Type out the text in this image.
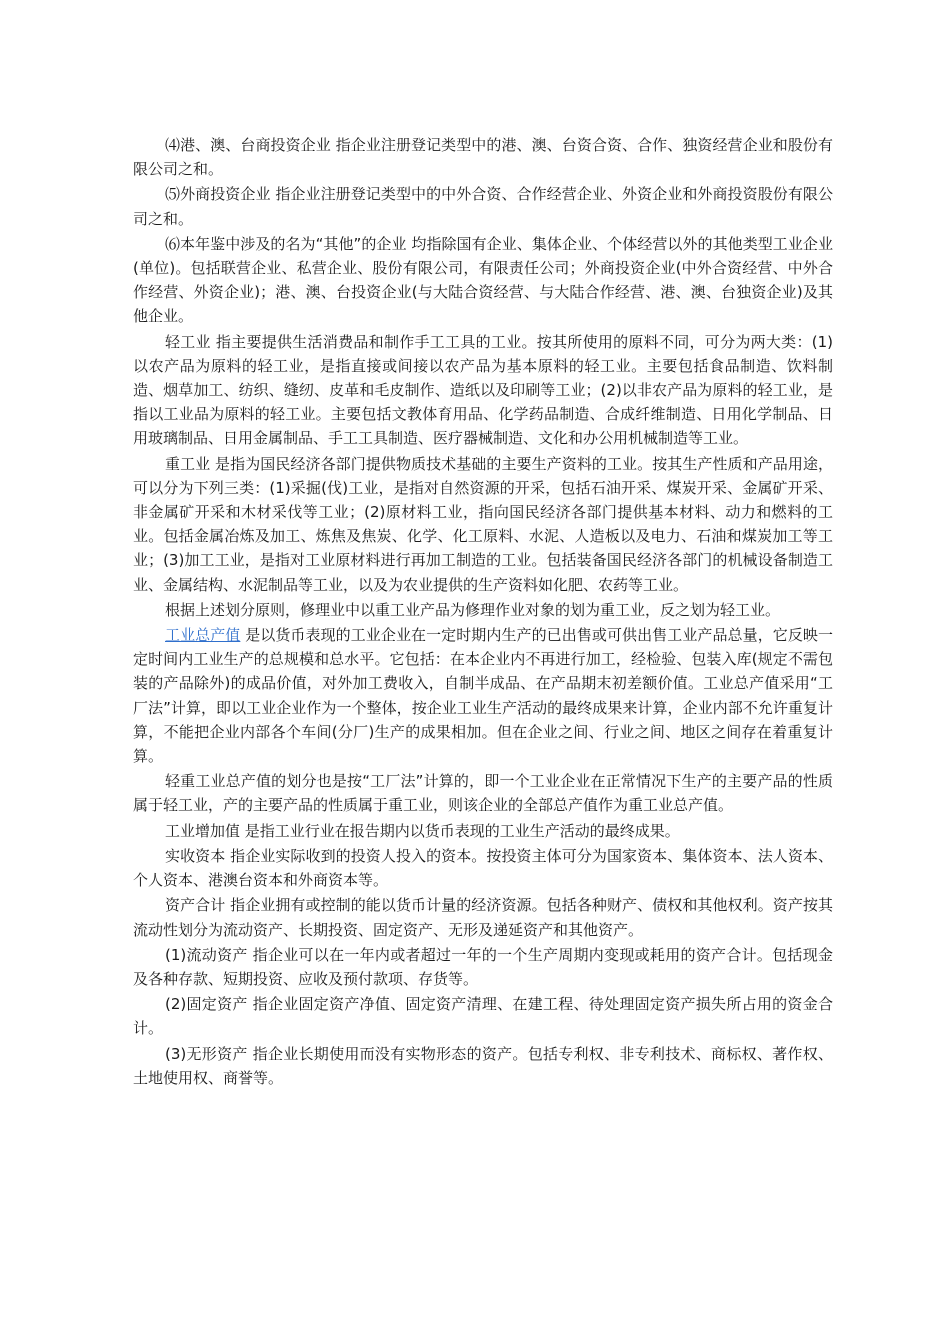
⑷港、澳、台商投资企业 指企业注册登记类型中的港、澳、台资合资、合作、独资经营企业和股份有限公司之和。

⑸外商投资企业 指企业注册登记类型中的中外合资、合作经营企业、外资企业和外商投资股份有限公司之和。

⑹本年鉴中涉及的名为“其他”的企业 均指除国有企业、集体企业、个体经营以外的其他类型工业企业(单位)。包括联营企业、私营企业、股份有限公司，有限责任公司；外商投资企业(中外合资经营、中外合作经营、外资企业)；港、澳、台投资企业(与大陆合资经营、与大陆合作经营、港、澳、台独资企业)及其他企业。

轻工业 指主要提供生活消费品和制作手工工具的工业。按其所使用的原料不同，可分为两大类：(1)以农产品为原料的轻工业，是指直接或间接以农产品为基本原料的轻工业。主要包括食品制造、饮料制造、烟草加工、纺织、缝纫、皮革和毛皮制作、造纸以及印刷等工业；(2)以非农产品为原料的轻工业，是指以工业品为原料的轻工业。主要包括文教体育用品、化学药品制造、合成纤维制造、日用化学制品、日用玻璃制品、日用金属制品、手工工具制造、医疗器械制造、文化和办公用机械制造等工业。

重工业 是指为国民经济各部门提供物质技术基础的主要生产资料的工业。按其生产性质和产品用途，可以分为下列三类：(1)采掘(伐)工业，是指对自然资源的开采，包括石油开采、煤炭开采、金属矿开采、非金属矿开采和木材采伐等工业；(2)原材料工业，指向国民经济各部门提供基本材料、动力和燃料的工业。包括金属冶炼及加工、炼焦及焦炭、化学、化工原料、水泥、人造板以及电力、石油和煤炭加工等工业；(3)加工工业，是指对工业原材料进行再加工制造的工业。包括装备国民经济各部门的机械设备制造工业、金属结构、水泥制品等工业，以及为农业提供的生产资料如化肥、农药等工业。

根据上述划分原则，修理业中以重工业产品为修理作业对象的划为重工业，反之划为轻工业。

工业总产值 是以货币表现的工业企业在一定时期内生产的已出售或可供出售工业产品总量，它反映一定时间内工业生产的总规模和总水平。它包括：在本企业内不再进行加工，经检验、包装入库(规定不需包装的产品除外)的成品价值，对外加工费收入，自制半成品、在产品期末初差额价值。工业总产值采用“工厂法”计算，即以工业企业作为一个整体，按企业工业生产活动的最终成果来计算，企业内部不允许重复计算，不能把企业内部各个车间(分厂)生产的成果相加。但在企业之间、行业之间、地区之间存在着重复计算。

轻重工业总产值的划分也是按“工厂法”计算的，即一个工业企业在正常情况下生产的主要产品的性质属于轻工业，产的主要产品的性质属于重工业，则该企业的全部总产值作为重工业总产值。

工业增加值 是指工业行业在报告期内以货币表现的工业生产活动的最终成果。

实收资本 指企业实际收到的投资人投入的资本。按投资主体可分为国家资本、集体资本、法人资本、个人资本、港澳台资本和外商资本等。

资产合计 指企业拥有或控制的能以货币计量的经济资源。包括各种财产、债权和其他权利。资产按其流动性划分为流动资产、长期投资、固定资产、无形及递延资产和其他资产。

(1)流动资产 指企业可以在一年内或者超过一年的一个生产周期内变现或耗用的资产合计。包括现金及各种存款、短期投资、应收及预付款项、存货等。

(2)固定资产 指企业固定资产净值、固定资产清理、在建工程、待处理固定资产损失所占用的资金合计。

(3)无形资产 指企业长期使用而没有实物形态的资产。包括专利权、非专利技术、商标权、著作权、土地使用权、商誉等。
